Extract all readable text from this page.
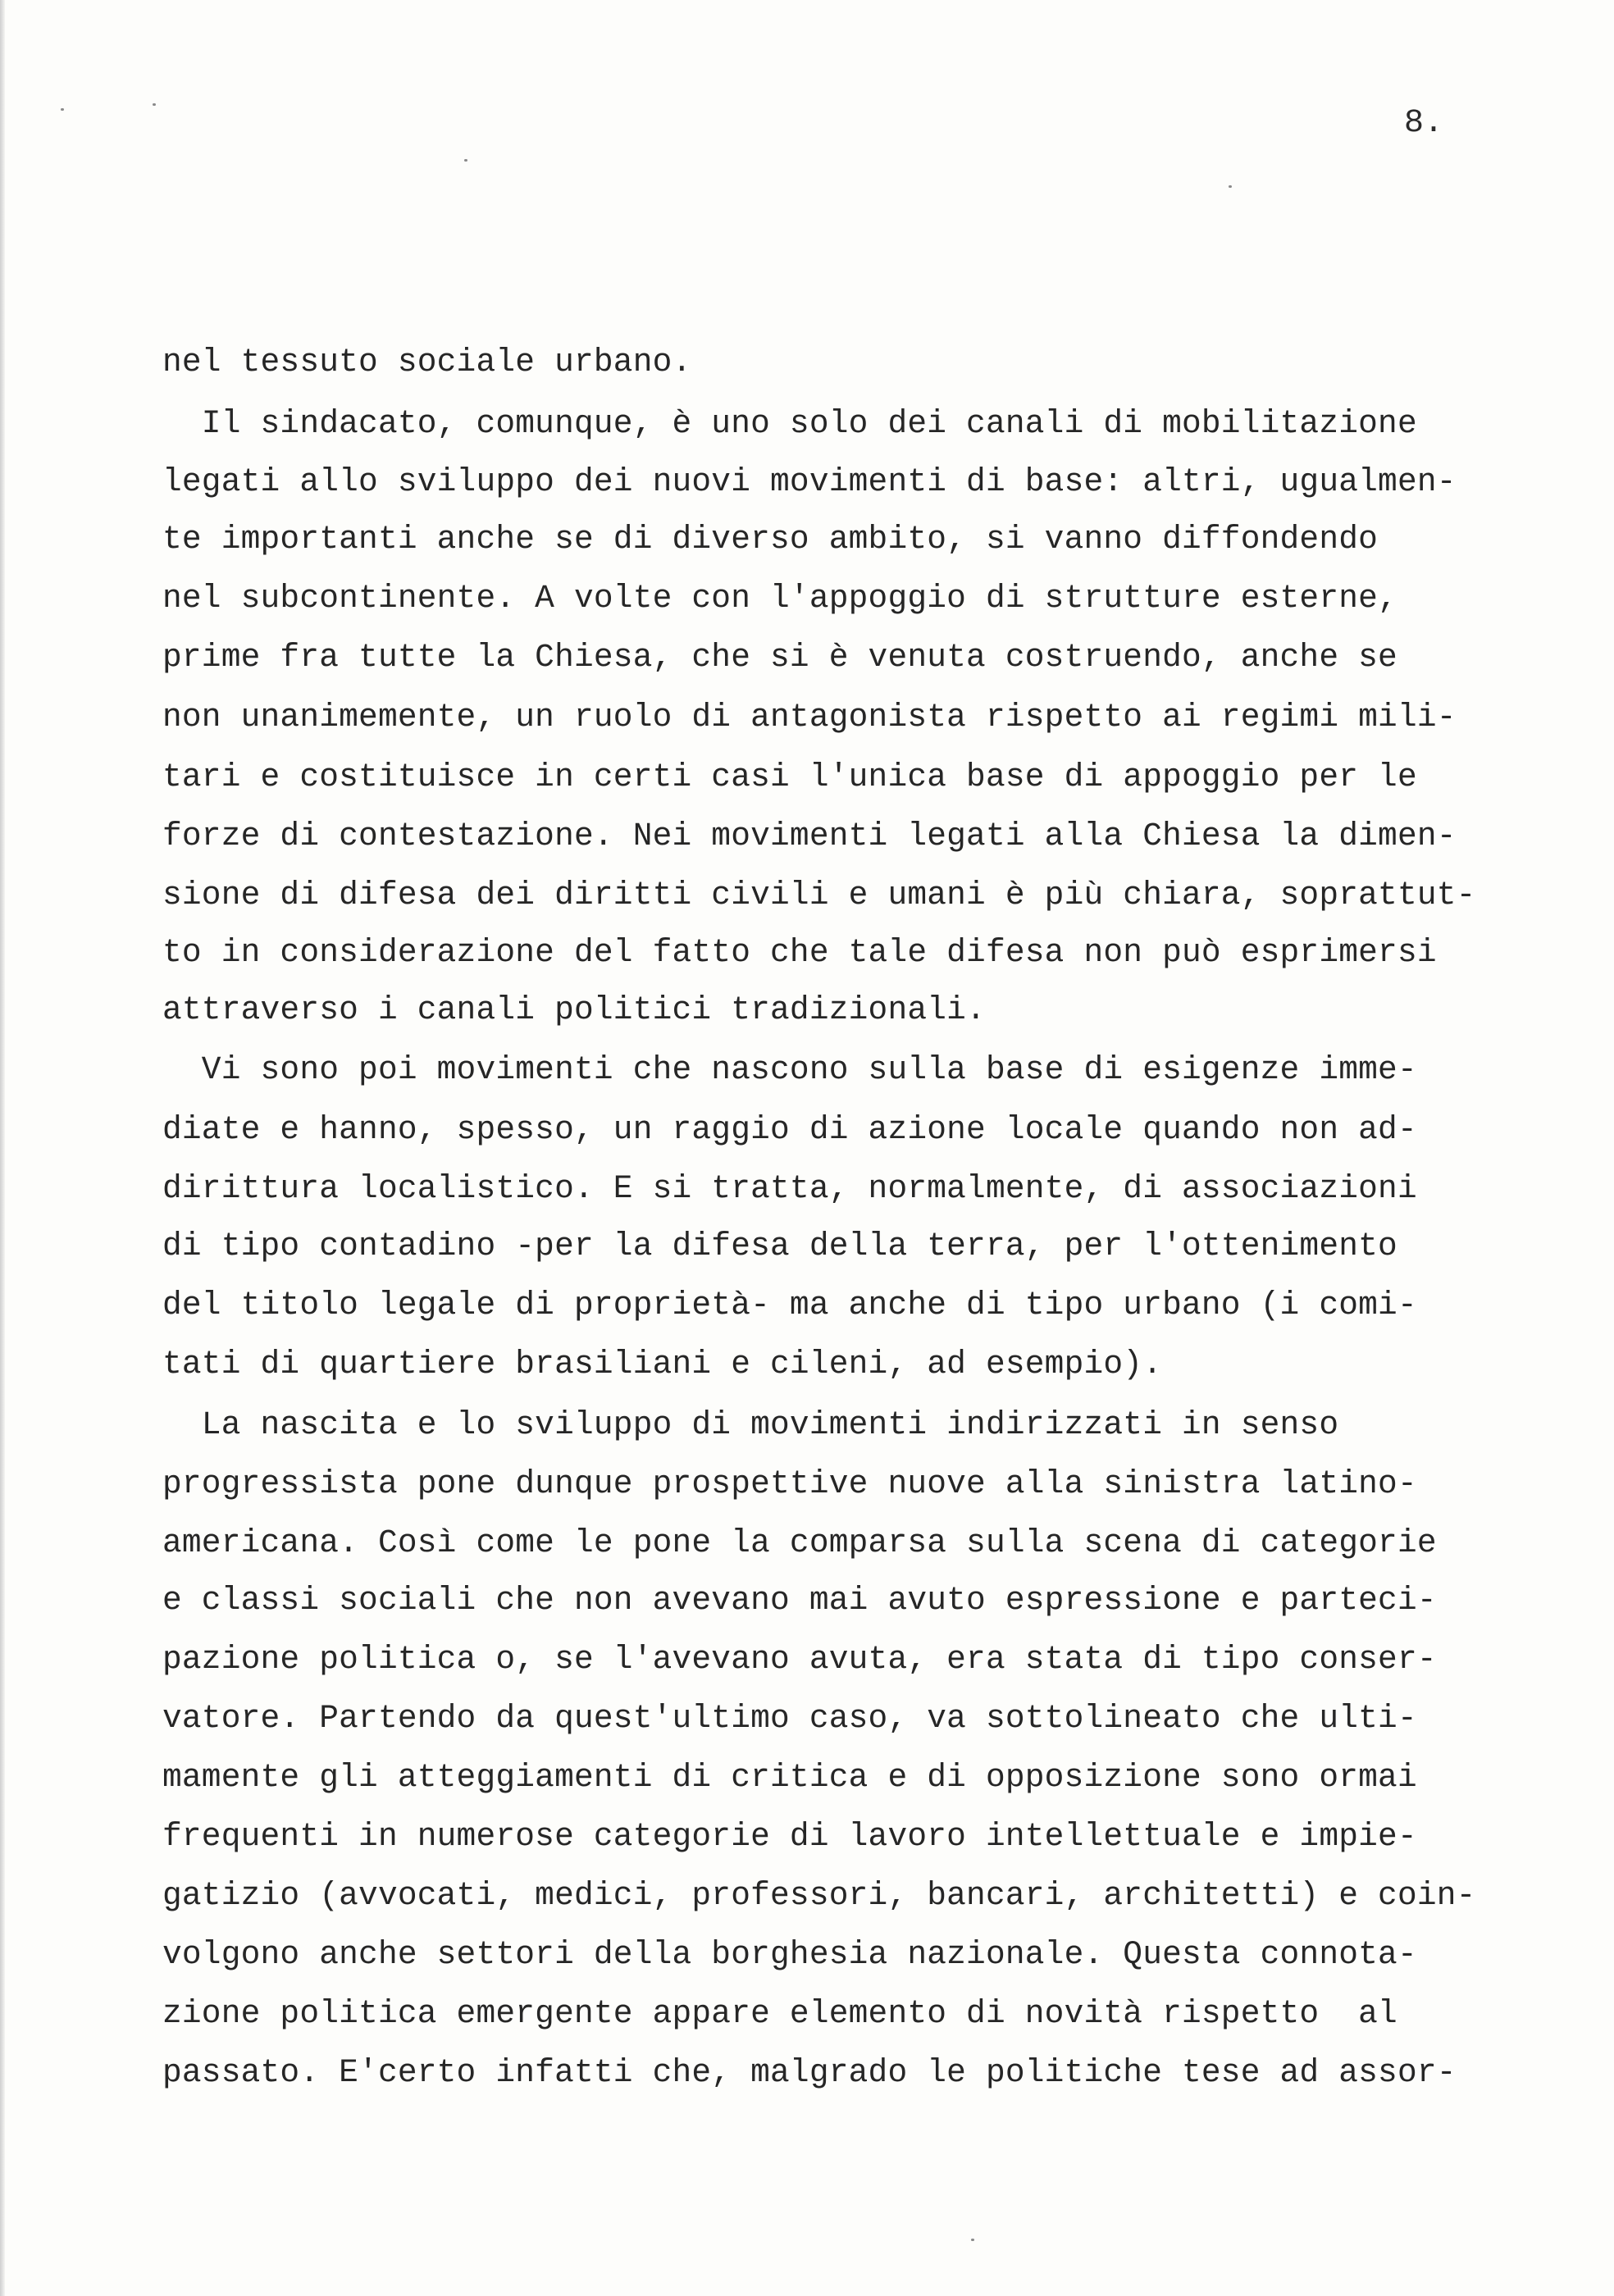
8.
nel tessuto sociale urbano.
Il sindacato, comunque, è uno solo dei canali di mobilitazione
legati allo sviluppo dei nuovi movimenti di base: altri, ugualmen-
te importanti anche se di diverso ambito, si vanno diffondendo
nel subcontinente. A volte con l'appoggio di strutture esterne,
prime fra tutte la Chiesa, che si è venuta costruendo, anche se
non unanimemente, un ruolo di antagonista rispetto ai regimi mili-
tari e costituisce in certi casi l'unica base di appoggio per le
forze di contestazione. Nei movimenti legati alla Chiesa la dimen-
sione di difesa dei diritti civili e umani è più chiara, soprattut-
to in considerazione del fatto che tale difesa non può esprimersi
attraverso i canali politici tradizionali.
Vi sono poi movimenti che nascono sulla base di esigenze imme-
diate e hanno, spesso, un raggio di azione locale quando non ad-
dirittura localistico. E si tratta, normalmente, di associazioni
di tipo contadino -per la difesa della terra, per l'ottenimento
del titolo legale di proprietà- ma anche di tipo urbano (i comi-
tati di quartiere brasiliani e cileni, ad esempio).
La nascita e lo sviluppo di movimenti indirizzati in senso
progressista pone dunque prospettive nuove alla sinistra latino-
americana. Così come le pone la comparsa sulla scena di categorie
e classi sociali che non avevano mai avuto espressione e parteci-
pazione politica o, se l'avevano avuta, era stata di tipo conser-
vatore. Partendo da quest'ultimo caso, va sottolineato che ulti-
mamente gli atteggiamenti di critica e di opposizione sono ormai
frequenti in numerose categorie di lavoro intellettuale e impie-
gatizio (avvocati, medici, professori, bancari, architetti) e coin-
volgono anche settori della borghesia nazionale. Questa connota-
zione politica emergente appare elemento di novità rispetto  al
passato. E'certo infatti che, malgrado le politiche tese ad assor-
